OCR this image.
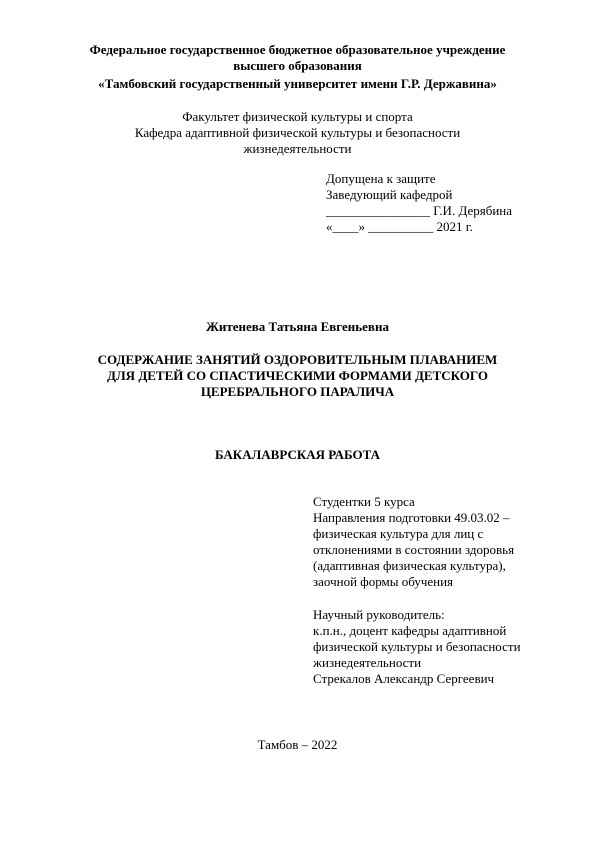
Федеральное государственное бюджетное образовательное учреждение
высшего образования
«Тамбовский государственный университет имени Г.Р. Державина»
Факультет физической культуры и спорта
Кафедра адаптивной физической культуры и безопасности
жизнедеятельности
Допущена к защите
Заведующий кафедрой
________________ Г.И. Дерябина
«____» __________ 2021 г.
Житенева Татьяна Евгеньевна
СОДЕРЖАНИЕ ЗАНЯТИЙ ОЗДОРОВИТЕЛЬНЫМ ПЛАВАНИЕМ
ДЛЯ ДЕТЕЙ СО СПАСТИЧЕСКИМИ ФОРМАМИ ДЕТСКОГО
ЦЕРЕБРАЛЬНОГО ПАРАЛИЧА
БАКАЛАВРСКАЯ РАБОТА
Студентки 5 курса
Направления подготовки 49.03.02 –
физическая культура для лиц с
отклонениями в состоянии здоровья
(адаптивная физическая культура),
заочной формы обучения
Научный руководитель:
к.п.н., доцент кафедры адаптивной
физической культуры и безопасности
жизнедеятельности
Стрекалов Александр Сергеевич
Тамбов – 2022
